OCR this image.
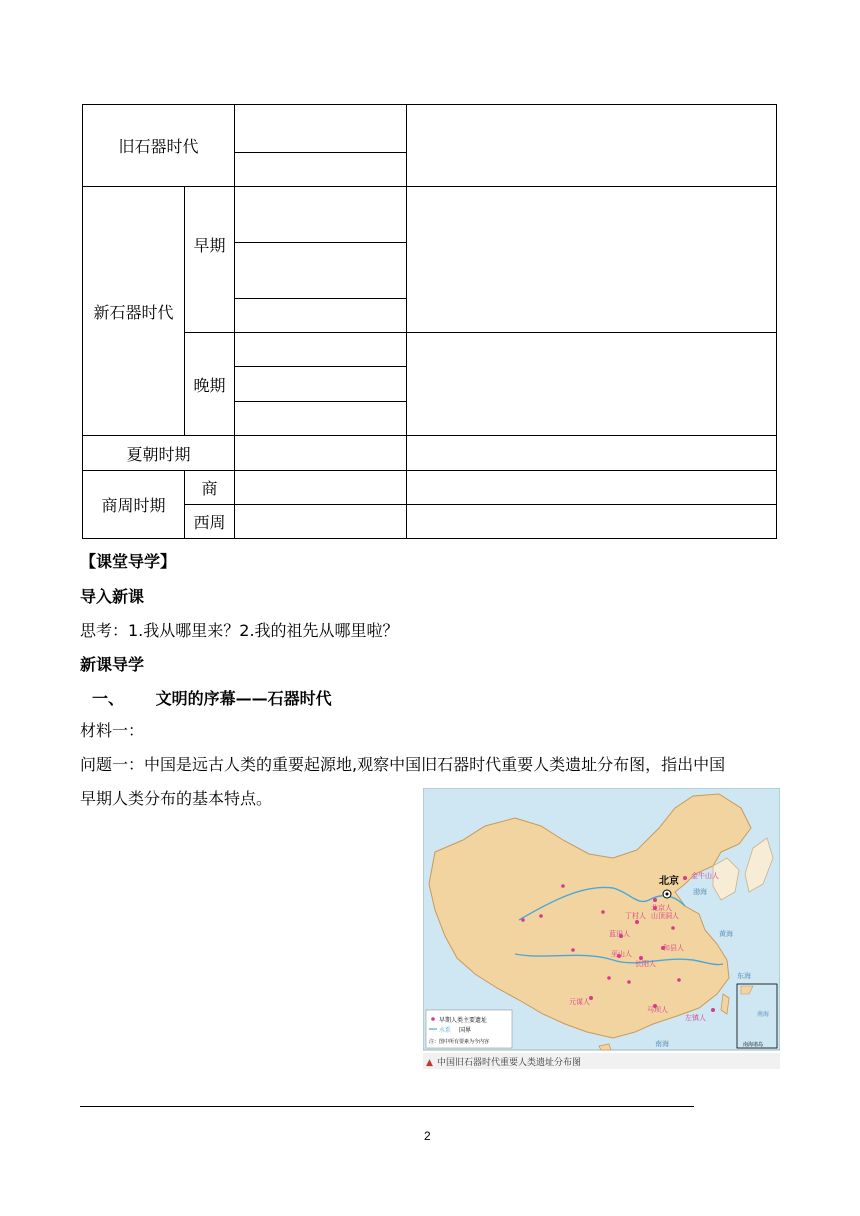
旧石器时代			

新石器时代	早期		

	晚期		

夏朝时期			
商周时期	商		
	西周		
【课堂导学】
导入新课
思考：1.我从哪里来？2.我的祖先从哪里啦？
新课导学
一、 文明的序幕——石器时代
材料一：
问题一：中国是远古人类的重要起源地,观察中国旧石器时代重要人类遗址分布图，指出中国
早期人类分布的基本特点。
北京 金牛山人
北京人
山顶洞人
丁村人
蓝田人
和县人
巫山人
长阳人
元谋人
马坝人
左镇人
渤海
黄海
东海
南海
南海
南海诸岛
早期人类主要遗址
水系 国界
注：图中所有要素为今内容
▲ 中国旧石器时代重要人类遗址分布图
2
